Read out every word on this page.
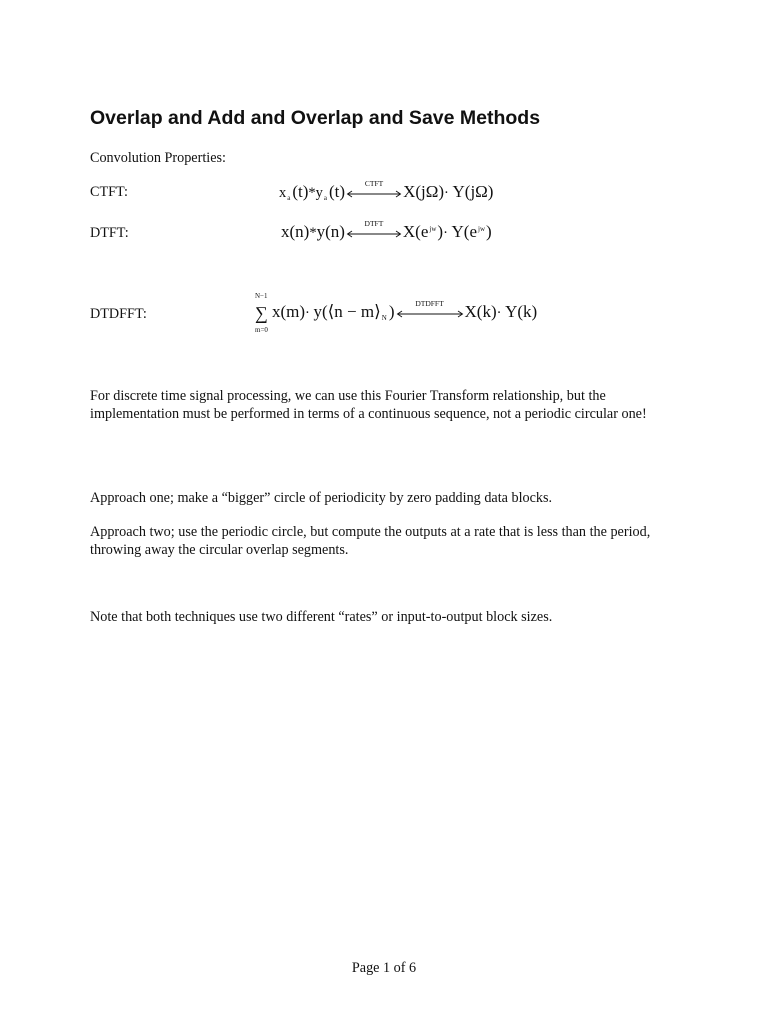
Overlap and Add and Overlap and Save Methods

Convolution Properties:

CTFT:	$x_a$ $(t)*y_a$ (t)	CTFT	X(jΩ)· Y(jΩ)

DTFT:	x(n)*y(n)	DTFT	$X(e^{jw})\cdot Y(e^{jw})$

DTDFFT:

N−1
∑
m=0
x(m)· y(⟨n − $m⟩_N$ )	DTDFFT	X(k)· Y(k)

For discrete time signal processing, we can use this Fourier Transform relationship, but the implementation must be performed in terms of a continuous sequence, not a periodic circular one!

Approach one; make a “bigger” circle of periodicity by zero padding data blocks.

Approach two; use the periodic circle, but compute the outputs at a rate that is less than the period, throwing away the circular overlap segments.

Note that both techniques use two different “rates” or input-to-output block sizes.

Page 1 of 6
